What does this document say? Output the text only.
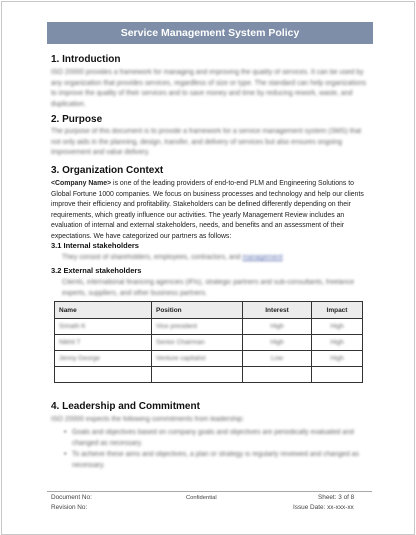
Service Management System Policy
1. Introduction
ISO 20000 provides a framework for managing and improving the quality of services. It can be used by any organization that provides services, regardless of size or type. The standard can help organizations to improve the quality of their services and to save money and time by reducing rework, waste, and duplication.
2. Purpose
The purpose of this document is to provide a framework for a service management system (SMS) that not only aids in the planning, design, transfer, and delivery of services but also ensures ongoing improvement and value delivery.
3. Organization Context
<Company Name> is one of the leading providers of end-to-end PLM and Engineering Solutions to Global Fortune 1000 companies. We focus on business processes and technology and help our clients improve their efficiency and profitability. Stakeholders can be defined differently depending on their requirements, which greatly influence our activities. The yearly Management Review includes an evaluation of internal and external stakeholders, needs, and benefits and an assessment of their expectations. We have categorized our partners as follows:
3.1 Internal stakeholders
They consist of shareholders, employees, contractors, and management
3.2 External stakeholders
Clients, international financing agencies (IFIs), strategic partners and sub-consultants, freelance experts, suppliers, and other business partners.
Name	Position	Interest	Impact
Srinath K	Vice president	High	High
Nikhil T	Senior Chairman	High	High
Jenny George	Venture capitalist	Low	High

4. Leadership and Commitment
ISO 20000 expects the following commitments from leadership:
• Goals and objectives based on company goals and objectives are periodically evaluated and changed as necessary.
• To achieve these aims and objectives, a plan or strategy is regularly reviewed and changed as necessary.
Document No:
Revision No:
Confidential	Sheet: 3 of 8
Issue Date: xx-xxx-xx
